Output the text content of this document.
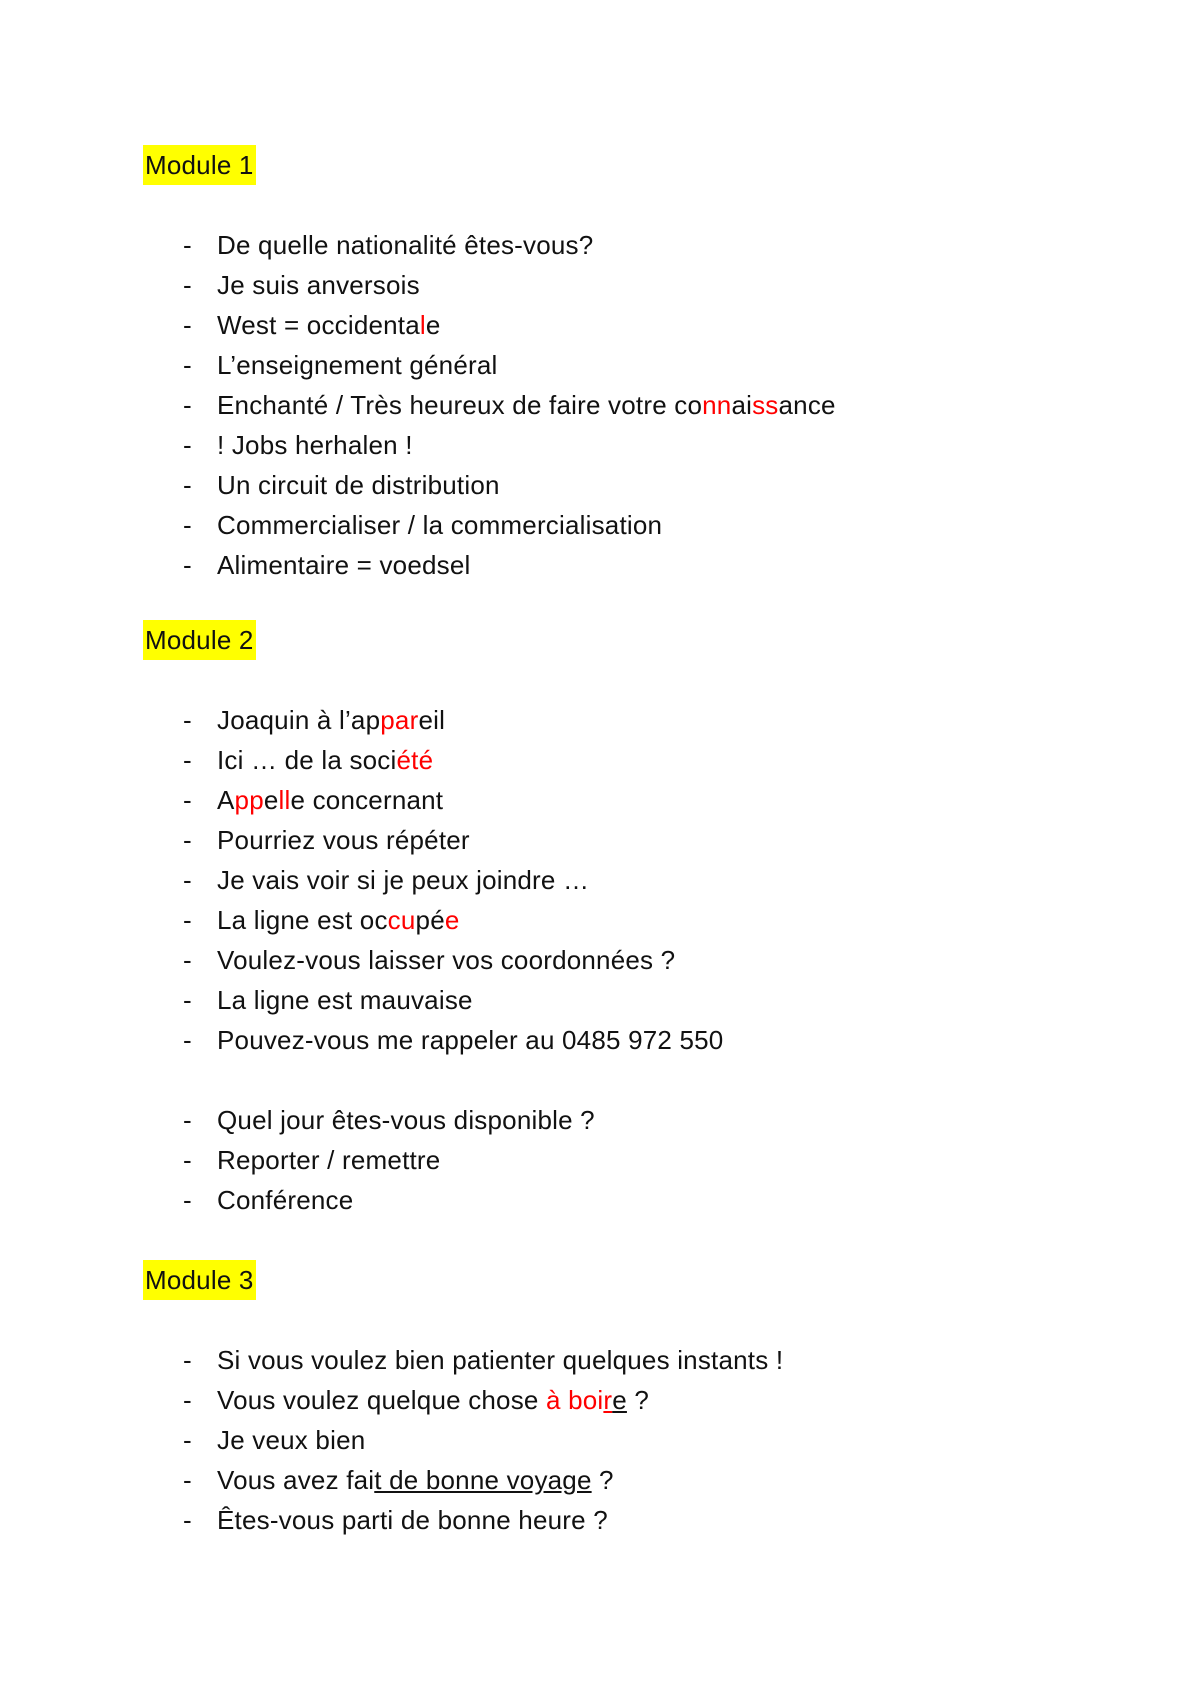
Module 1
- De quelle nationalité êtes-vous?
- Je suis anversois
- West = occidentale
- L’enseignement général
- Enchanté / Très heureux de faire votre connaissance
-! Jobs herhalen !
- Un circuit de distribution
- Commercialiser / la commercialisation
- Alimentaire = voedsel
Module 2
- Joaquin à l’appareil
- Ici … de la société
- Appelle concernant
- Pourriez vous répéter
- Je vais voir si je peux joindre …
- La ligne est occupée
- Voulez-vous laisser vos coordonnées ?
- La ligne est mauvaise
- Pouvez-vous me rappeler au 0485 972 550
- Quel jour êtes-vous disponible ?
- Reporter / remettre
- Conférence
Module 3
- Si vous voulez bien patienter quelques instants !
- Vous voulez quelque chose à boire ?
- Je veux bien
- Vous avez fait de bonne voyage ?
- Êtes-vous parti de bonne heure ?
